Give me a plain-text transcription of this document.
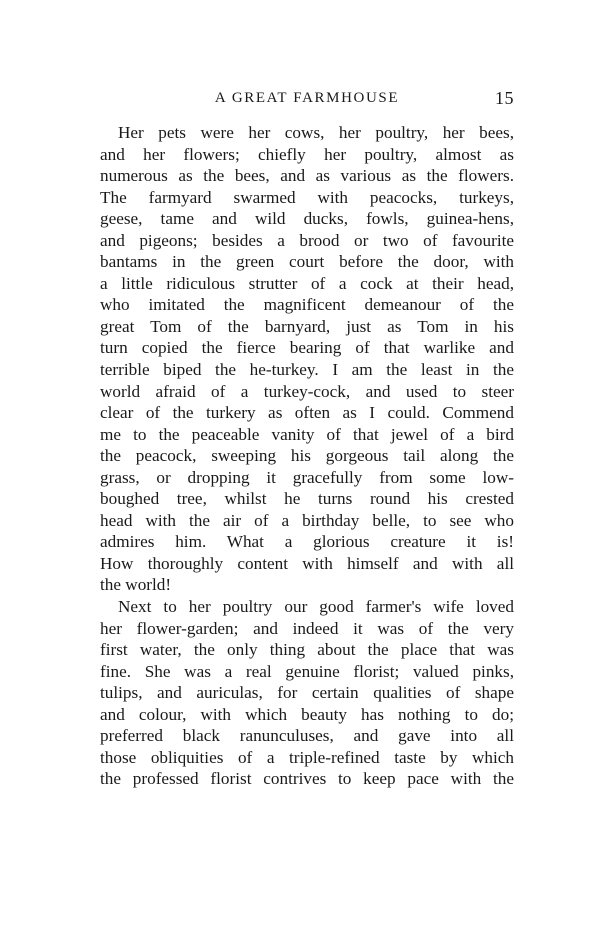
A GREAT FARMHOUSE	15
Her pets were her cows, her poultry, her bees,
and her flowers; chiefly her poultry, almost as
numerous as the bees, and as various as the flowers.
The farmyard swarmed with peacocks, turkeys,
geese, tame and wild ducks, fowls, guinea-hens,
and pigeons; besides a brood or two of favourite
bantams in the green court before the door, with
a little ridiculous strutter of a cock at their head,
who imitated the magnificent demeanour of the
great Tom of the barnyard, just as Tom in his
turn copied the fierce bearing of that warlike and
terrible biped the he-turkey. I am the least in the
world afraid of a turkey-cock, and used to steer
clear of the turkery as often as I could. Commend
me to the peaceable vanity of that jewel of a bird
the peacock, sweeping his gorgeous tail along the
grass, or dropping it gracefully from some low-
boughed tree, whilst he turns round his crested
head with the air of a birthday belle, to see who
admires him. What a glorious creature it is!
How thoroughly content with himself and with all
the world!
Next to her poultry our good farmer's wife loved
her flower-garden; and indeed it was of the very
first water, the only thing about the place that was
fine. She was a real genuine florist; valued pinks,
tulips, and auriculas, for certain qualities of shape
and colour, with which beauty has nothing to do;
preferred black ranunculuses, and gave into all
those obliquities of a triple-refined taste by which
the professed florist contrives to keep pace with the
